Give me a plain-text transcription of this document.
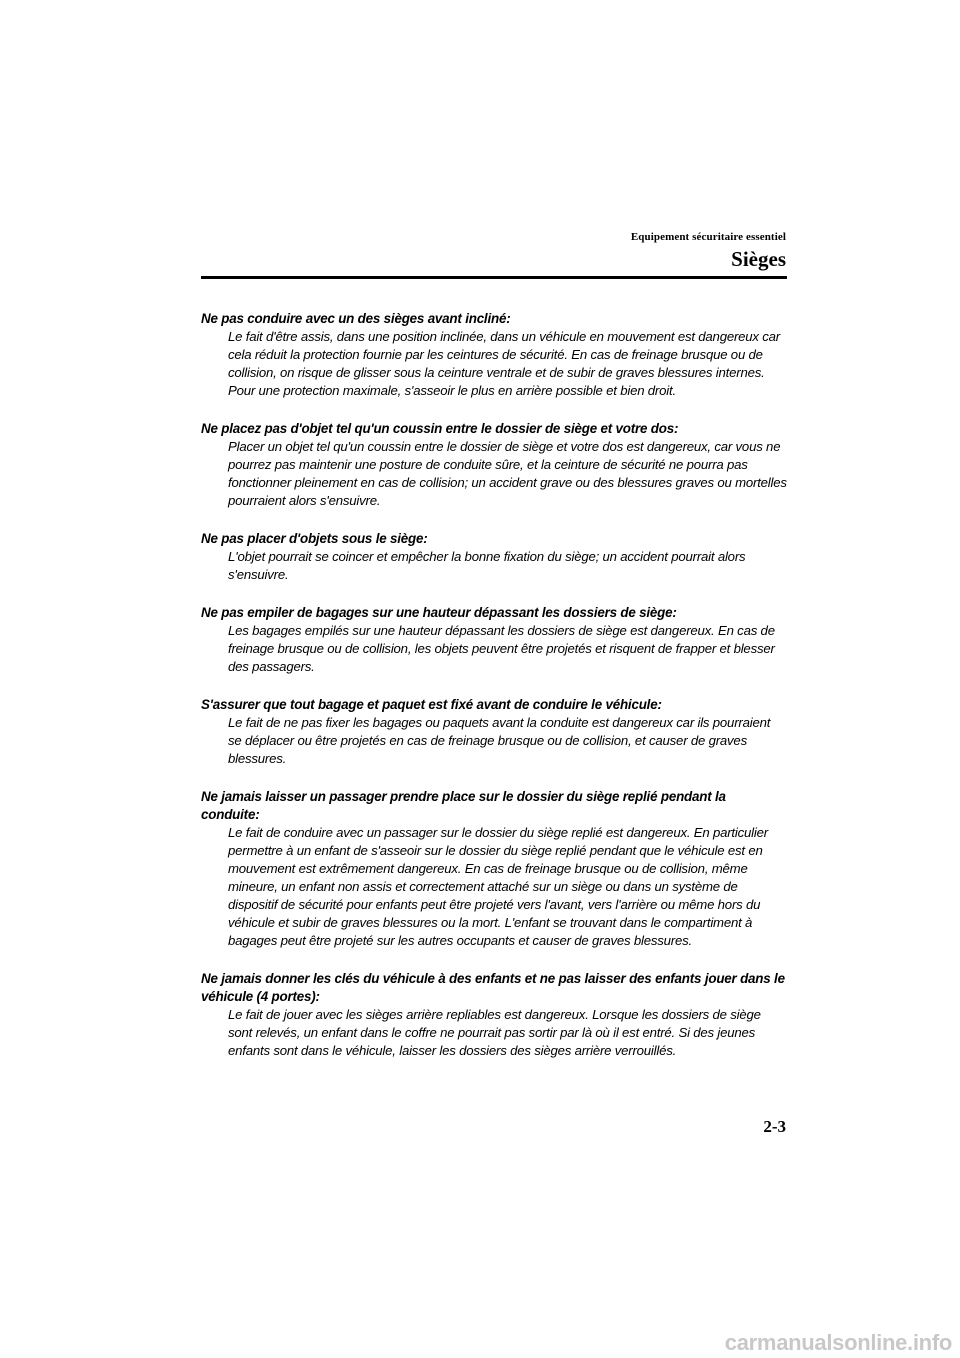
Equipement sécuritaire essentiel
Sièges
Ne pas conduire avec un des sièges avant incliné:
Le fait d'être assis, dans une position inclinée, dans un véhicule en mouvement est dangereux car cela réduit la protection fournie par les ceintures de sécurité. En cas de freinage brusque ou de collision, on risque de glisser sous la ceinture ventrale et de subir de graves blessures internes. Pour une protection maximale, s'asseoir le plus en arrière possible et bien droit.
Ne placez pas d'objet tel qu'un coussin entre le dossier de siège et votre dos:
Placer un objet tel qu'un coussin entre le dossier de siège et votre dos est dangereux, car vous ne pourrez pas maintenir une posture de conduite sûre, et la ceinture de sécurité ne pourra pas fonctionner pleinement en cas de collision; un accident grave ou des blessures graves ou mortelles pourraient alors s'ensuivre.
Ne pas placer d'objets sous le siège:
L'objet pourrait se coincer et empêcher la bonne fixation du siège; un accident pourrait alors s'ensuivre.
Ne pas empiler de bagages sur une hauteur dépassant les dossiers de siège:
Les bagages empilés sur une hauteur dépassant les dossiers de siège est dangereux. En cas de freinage brusque ou de collision, les objets peuvent être projetés et risquent de frapper et blesser des passagers.
S'assurer que tout bagage et paquet est fixé avant de conduire le véhicule:
Le fait de ne pas fixer les bagages ou paquets avant la conduite est dangereux car ils pourraient se déplacer ou être projetés en cas de freinage brusque ou de collision, et causer de graves blessures.
Ne jamais laisser un passager prendre place sur le dossier du siège replié pendant la conduite:
Le fait de conduire avec un passager sur le dossier du siège replié est dangereux. En particulier permettre à un enfant de s'asseoir sur le dossier du siège replié pendant que le véhicule est en mouvement est extrêmement dangereux. En cas de freinage brusque ou de collision, même mineure, un enfant non assis et correctement attaché sur un siège ou dans un système de dispositif de sécurité pour enfants peut être projeté vers l'avant, vers l'arrière ou même hors du véhicule et subir de graves blessures ou la mort. L'enfant se trouvant dans le compartiment à bagages peut être projeté sur les autres occupants et causer de graves blessures.
Ne jamais donner les clés du véhicule à des enfants et ne pas laisser des enfants jouer dans le véhicule (4 portes):
Le fait de jouer avec les sièges arrière repliables est dangereux. Lorsque les dossiers de siège sont relevés, un enfant dans le coffre ne pourrait pas sortir par là où il est entré. Si des jeunes enfants sont dans le véhicule, laisser les dossiers des sièges arrière verrouillés.
2-3
carmanualsonline.info
